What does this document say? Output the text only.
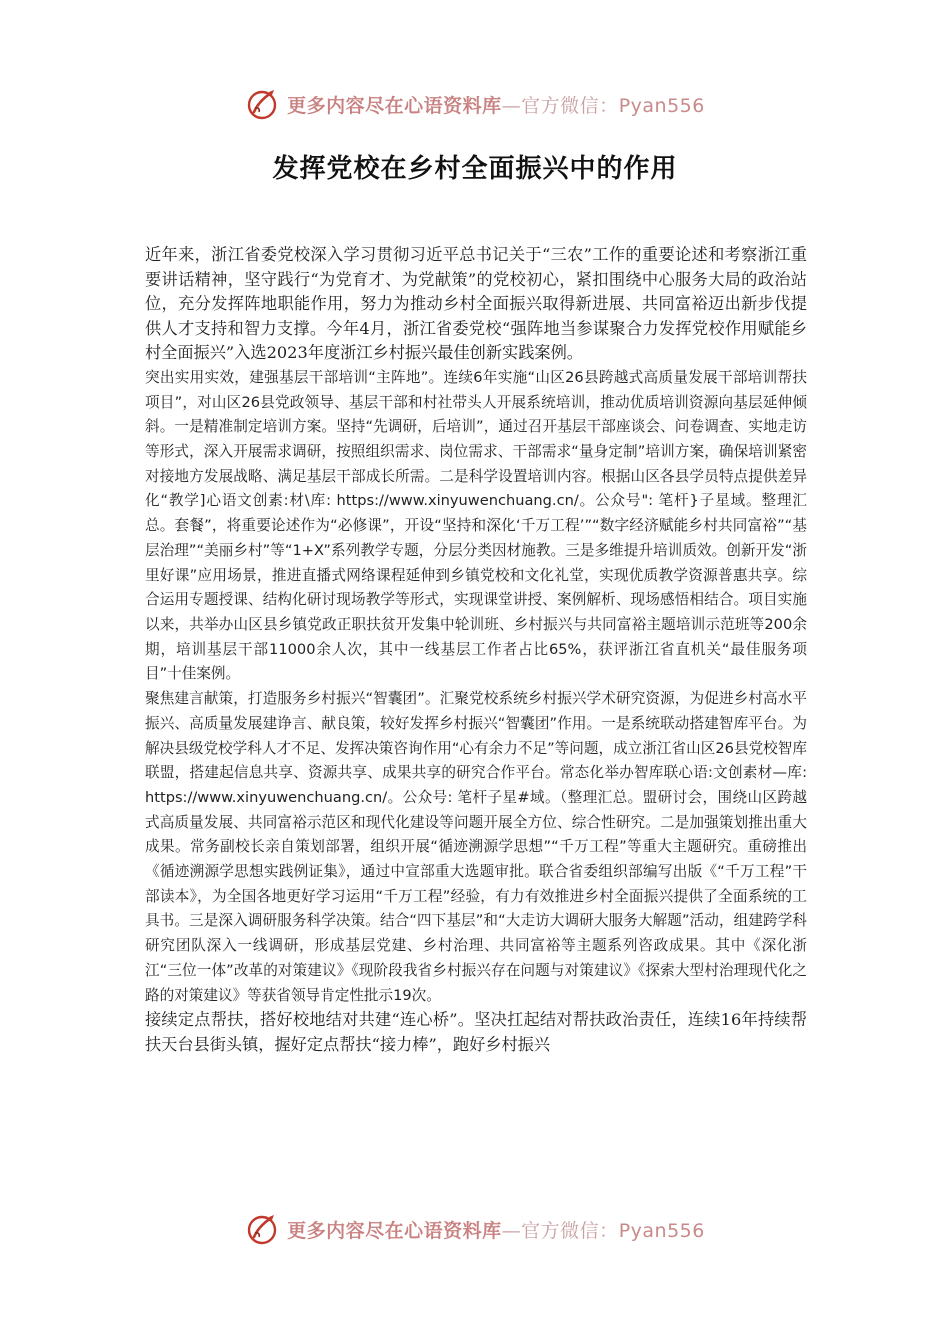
更多内容尽在心语资料库—官方微信：Pyan556
发挥党校在乡村全面振兴中的作用

近年来，浙江省委党校深入学习贯彻习近平总书记关于“三农”工作的重要论述和考察浙江重要讲话精神，坚守践行“为党育才、为党献策”的党校初心，紧扣围绕中心服务大局的政治站位，充分发挥阵地职能作用，努力为推动乡村全面振兴取得新进展、共同富裕迈出新步伐提供人才支持和智力支撑。今年4月，浙江省委党校“强阵地当参谋聚合力发挥党校作用赋能乡村全面振兴”入选2023年度浙江乡村振兴最佳创新实践案例。

突出实用实效，建强基层干部培训“主阵地”。连续6年实施“山区26县跨越式高质量发展干部培训帮扶项目”，对山区26县党政领导、基层干部和村社带头人开展系统培训，推动优质培训资源向基层延伸倾斜。一是精准制定培训方案。坚持“先调研，后培训”，通过召开基层干部座谈会、问卷调查、实地走访等形式，深入开展需求调研，按照组织需求、岗位需求、干部需求“量身定制”培训方案，确保培训紧密对接地方发展战略、满足基层干部成长所需。二是科学设置培训内容。根据山区各县学员特点提供差异化“教学]心语文创素:材\库: https://www.xinyuwenchuang.cn/。公众号": 笔杆}子星域。整理汇总。套餐”，将重要论述作为“必修课”，开设“坚持和深化‘千万工程’”“数字经济赋能乡村共同富裕”“基层治理”“美丽乡村”等“1+X”系列教学专题，分层分类因材施教。三是多维提升培训质效。创新开发“浙里好课”应用场景，推进直播式网络课程延伸到乡镇党校和文化礼堂，实现优质教学资源普惠共享。综合运用专题授课、结构化研讨现场教学等形式，实现课堂讲授、案例解析、现场感悟相结合。项目实施以来，共举办山区县乡镇党政正职扶贫开发集中轮训班、乡村振兴与共同富裕主题培训示范班等200余期，培训基层干部11000余人次，其中一线基层工作者占比65%，获评浙江省直机关“最佳服务项目”十佳案例。

聚焦建言献策，打造服务乡村振兴“智囊团”。汇聚党校系统乡村振兴学术研究资源，为促进乡村高水平振兴、高质量发展建诤言、献良策，较好发挥乡村振兴“智囊团”作用。一是系统联动搭建智库平台。为解决县级党校学科人才不足、发挥决策咨询作用“心有余力不足”等问题，成立浙江省山区26县党校智库联盟，搭建起信息共享、资源共享、成果共享的研究合作平台。常态化举办智库联心语:文创素材—库: https://www.xinyuwenchuang.cn/。公众号: 笔杆子星#域。（整理汇总。盟研讨会，围绕山区跨越式高质量发展、共同富裕示范区和现代化建设等问题开展全方位、综合性研究。二是加强策划推出重大成果。常务副校长亲自策划部署，组织开展“循迹溯源学思想”“千万工程”等重大主题研究。重磅推出《循迹溯源学思想实践例证集》，通过中宣部重大选题审批。联合省委组织部编写出版《“千万工程”干部读本》，为全国各地更好学习运用“千万工程”经验，有力有效推进乡村全面振兴提供了全面系统的工具书。三是深入调研服务科学决策。结合“四下基层”和“大走访大调研大服务大解题”活动，组建跨学科研究团队深入一线调研，形成基层党建、乡村治理、共同富裕等主题系列咨政成果。其中《深化浙江“三位一体”改革的对策建议》《现阶段我省乡村振兴存在问题与对策建议》《探索大型村治理现代化之路的对策建议》等获省领导肯定性批示19次。

接续定点帮扶，搭好校地结对共建“连心桥”。坚决扛起结对帮扶政治责任，连续16年持续帮扶天台县街头镇，握好定点帮扶“接力棒”，跑好乡村振兴

更多内容尽在心语资料库—官方微信：Pyan556
